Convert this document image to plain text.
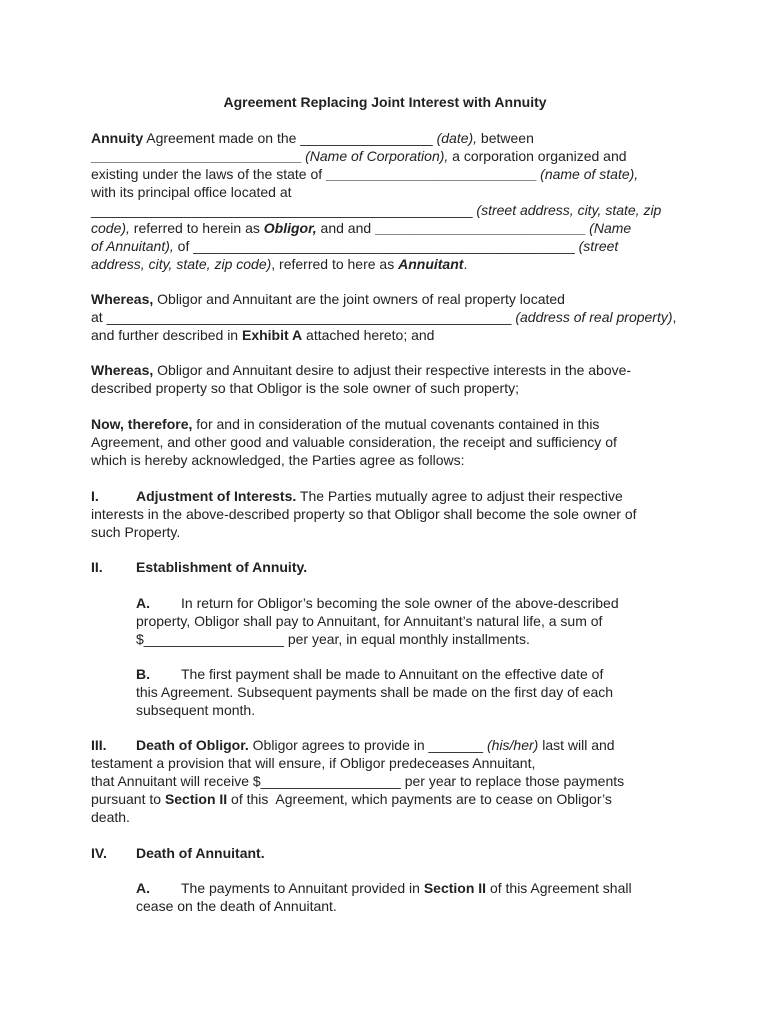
Agreement Replacing Joint Interest with Annuity
Annuity Agreement made on the _________________ (date), between
___________________________ (Name of Corporation), a corporation organized and
existing under the laws of the state of ___________________________ (name of state),
with its principal office located at
_________________________________________________ (street address, city, state, zip
code), referred to herein as Obligor, and and ___________________________ (Name
of Annuitant), of _________________________________________________ (street
address, city, state, zip code), referred to here as Annuitant.
Whereas, Obligor and Annuitant are the joint owners of real property located
at ____________________________________________________ (address of real property),
and further described in Exhibit A attached hereto; and
Whereas, Obligor and Annuitant desire to adjust their respective interests in the above-
described property so that Obligor is the sole owner of such property;
Now, therefore, for and in consideration of the mutual covenants contained in this
Agreement, and other good and valuable consideration, the receipt and sufficiency of
which is hereby acknowledged, the Parties agree as follows:
I.	Adjustment of Interests. The Parties mutually agree to adjust their respective
interests in the above-described property so that Obligor shall become the sole owner of
such Property.
II. Establishment of Annuity.
A. In return for Obligor’s becoming the sole owner of the above-described
property, Obligor shall pay to Annuitant, for Annuitant’s natural life, a sum of
$__________________ per year, in equal monthly installments.
B. The first payment shall be made to Annuitant on the effective date of
this Agreement. Subsequent payments shall be made on the first day of each
subsequent month.
III. Death of Obligor. Obligor agrees to provide in _______ (his/her) last will and
testament a provision that will ensure, if Obligor predeceases Annuitant,
that Annuitant will receive $__________________ per year to replace those payments
pursuant to Section II of this  Agreement, which payments are to cease on Obligor’s
death.
IV. Death of Annuitant.
A. The payments to Annuitant provided in Section II of this Agreement shall
cease on the death of Annuitant.
